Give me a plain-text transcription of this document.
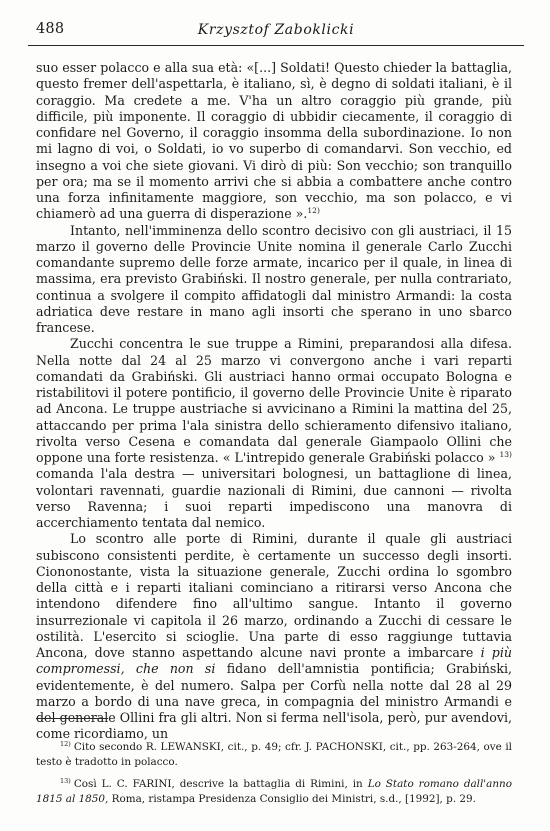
488	Krzysztof Zaboklicki

suo esser polacco e alla sua età: «[...] Soldati! Questo chieder la battaglia, questo fremer dell'aspettarla, è italiano, sì, è degno di soldati italiani, è il coraggio. Ma credete a me. V'ha un altro coraggio più grande, più difficile, più imponente. Il coraggio di ubbidir ciecamente, il coraggio di confidare nel Governo, il coraggio insomma della subordinazione. Io non mi lagno di voi, o Soldati, io vo superbo di comandarvi. Son vecchio, ed insegno a voi che siete giovani. Vi dirò di più: Son vecchio; son tranquillo per ora; ma se il momento arrivi che si abbia a combattere anche contro una forza infinitamente maggiore, son vecchio, ma son polacco, e vi chiamerò ad una guerra di disperazione ».$^{12)}$

Intanto, nell'imminenza dello scontro decisivo con gli austriaci, il 15 marzo il governo delle Provincie Unite nomina il generale Carlo Zucchi comandante supremo delle forze armate, incarico per il quale, in linea di massima, era previsto Grabiński. Il nostro generale, per nulla contrariato, continua a svolgere il compito affidatogli dal ministro Armandi: la costa adriatica deve restare in mano agli insorti che sperano in uno sbarco francese.

Zucchi concentra le sue truppe a Rimini, preparandosi alla difesa. Nella notte dal 24 al 25 marzo vi convergono anche i vari reparti comandati da Grabiński. Gli austriaci hanno ormai occupato Bologna e ristabilitovi il potere pontificio, il governo delle Provincie Unite è riparato ad Ancona. Le truppe austriache si avvicinano a Rimini la mattina del 25, attaccando per prima l'ala sinistra dello schieramento difensivo italiano, rivolta verso Cesena e comandata dal generale Giampaolo Ollini che oppone una forte resistenza. « L'intrepido generale Grabiński polacco » $^{13)}$ comanda l'ala destra — universitari bolognesi, un battaglione di linea, volontari ravennati, guardie nazionali di Rimini, due cannoni — rivolta verso Ravenna; i suoi reparti impediscono una manovra di accerchiamento tentata dal nemico.

Lo scontro alle porte di Rimini, durante il quale gli austriaci subiscono consistenti perdite, è certamente un successo degli insorti. Ciononostante, vista la situazione generale, Zucchi ordina lo sgombro della città e i reparti italiani cominciano a ritirarsi verso Ancona che intendono difendere fino all'ultimo sangue. Intanto il governo insurrezionale vi capitola il 26 marzo, ordinando a Zucchi di cessare le ostilità. L'esercito si scioglie. Una parte di esso raggiunge tuttavia Ancona, dove stanno aspettando alcune navi pronte a imbarcare i più compromessi, che non si fidano dell'amnistia pontificia; Grabiński, evidentemente, è del numero. Salpa per Corfù nella notte dal 28 al 29 marzo a bordo di una nave greca, in compagnia del ministro Armandi e del generale Ollini fra gli altri. Non si ferma nell'isola, però, pur avendovi, come ricordiamo, un

$^{12)}$ Cito secondo R. LEWANSKI, cit., p. 49; cfr. J. PACHONSKI, cit., pp. 263-264, ove il testo è tradotto in polacco.

$^{13)}$ Così L. C. FARINI, descrive la battaglia di Rimini, in Lo Stato romano dall'anno 1815 al 1850, Roma, ristampa Presidenza Consiglio dei Ministri, s.d., [1992], p. 29.
